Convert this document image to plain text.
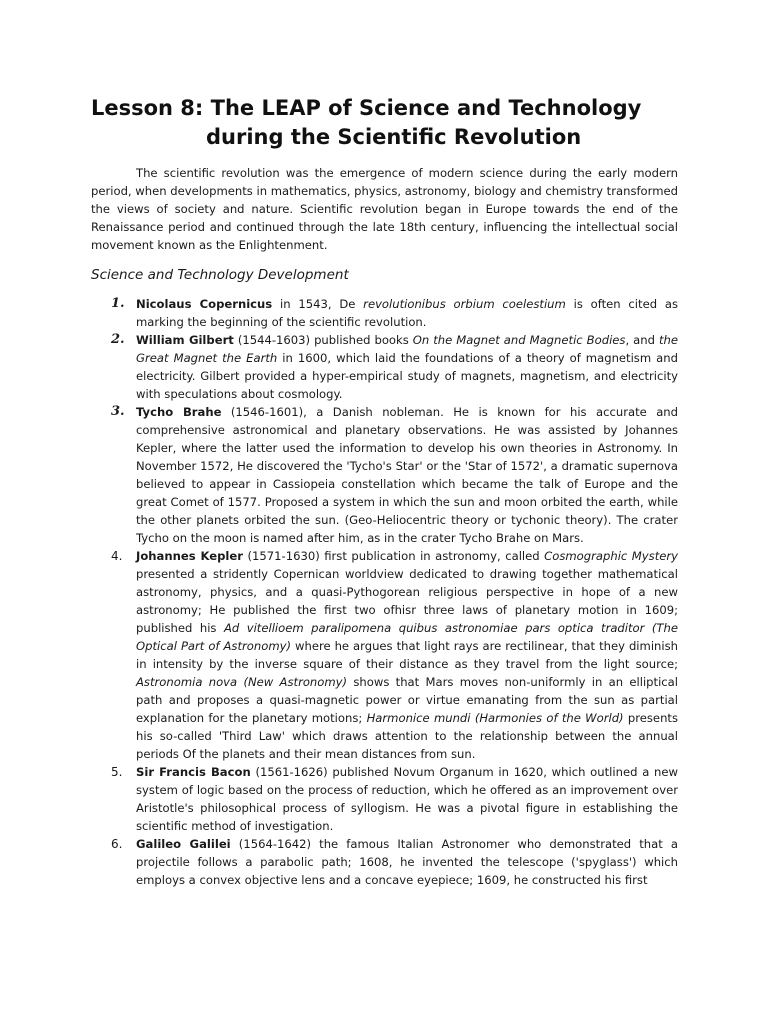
Lesson 8: The LEAP of Science and Technology
during the Scientific Revolution

The scientific revolution was the emergence of modern science during the early modern period, when developments in mathematics, physics, astronomy, biology and chemistry transformed the views of society and nature. Scientific revolution began in Europe towards the end of the Renaissance period and continued through the late 18th century, influencing the intellectual social movement known as the Enlightenment.

Science and Technology Development

1. Nicolaus Copernicus in 1543, De revolutionibus orbium coelestium is often cited as marking the beginning of the scientific revolution.
2. William Gilbert (1544-1603) published books On the Magnet and Magnetic Bodies, and the Great Magnet the Earth in 1600, which laid the foundations of a theory of magnetism and electricity. Gilbert provided a hyper-empirical study of magnets, magnetism, and electricity with speculations about cosmology.
3. Tycho Brahe (1546-1601), a Danish nobleman. He is known for his accurate and comprehensive astronomical and planetary observations. He was assisted by Johannes Kepler, where the latter used the information to develop his own theories in Astronomy. In November 1572, He discovered the 'Tycho's Star' or the 'Star of 1572', a dramatic supernova believed to appear in Cassiopeia constellation which became the talk of Europe and the great Comet of 1577. Proposed a system in which the sun and moon orbited the earth, while the other planets orbited the sun. (Geo-Heliocentric theory or tychonic theory). The crater Tycho on the moon is named after him, as in the crater Tycho Brahe on Mars.
4. Johannes Kepler (1571-1630) first publication in astronomy, called Cosmographic Mystery presented a stridently Copernican worldview dedicated to drawing together mathematical astronomy, physics, and a quasi-Pythogorean religious perspective in hope of a new astronomy; He published the first two ofhisr three laws of planetary motion in 1609; published his Ad vitellioem paralipomena quibus astronomiae pars optica traditor (The Optical Part of Astronomy) where he argues that light rays are rectilinear, that they diminish in intensity by the inverse square of their distance as they travel from the light source; Astronomia nova (New Astronomy) shows that Mars moves non-uniformly in an elliptical path and proposes a quasi-magnetic power or virtue emanating from the sun as partial explanation for the planetary motions; Harmonice mundi (Harmonies of the World) presents his so-called 'Third Law' which draws attention to the relationship between the annual periods Of the planets and their mean distances from sun.
5. Sir Francis Bacon (1561-1626) published Novum Organum in 1620, which outlined a new system of logic based on the process of reduction, which he offered as an improvement over Aristotle's philosophical process of syllogism. He was a pivotal figure in establishing the scientific method of investigation.
6. Galileo Galilei (1564-1642) the famous Italian Astronomer who demonstrated that a projectile follows a parabolic path; 1608, he invented the telescope ('spyglass') which employs a convex objective lens and a concave eyepiece; 1609, he constructed his first
